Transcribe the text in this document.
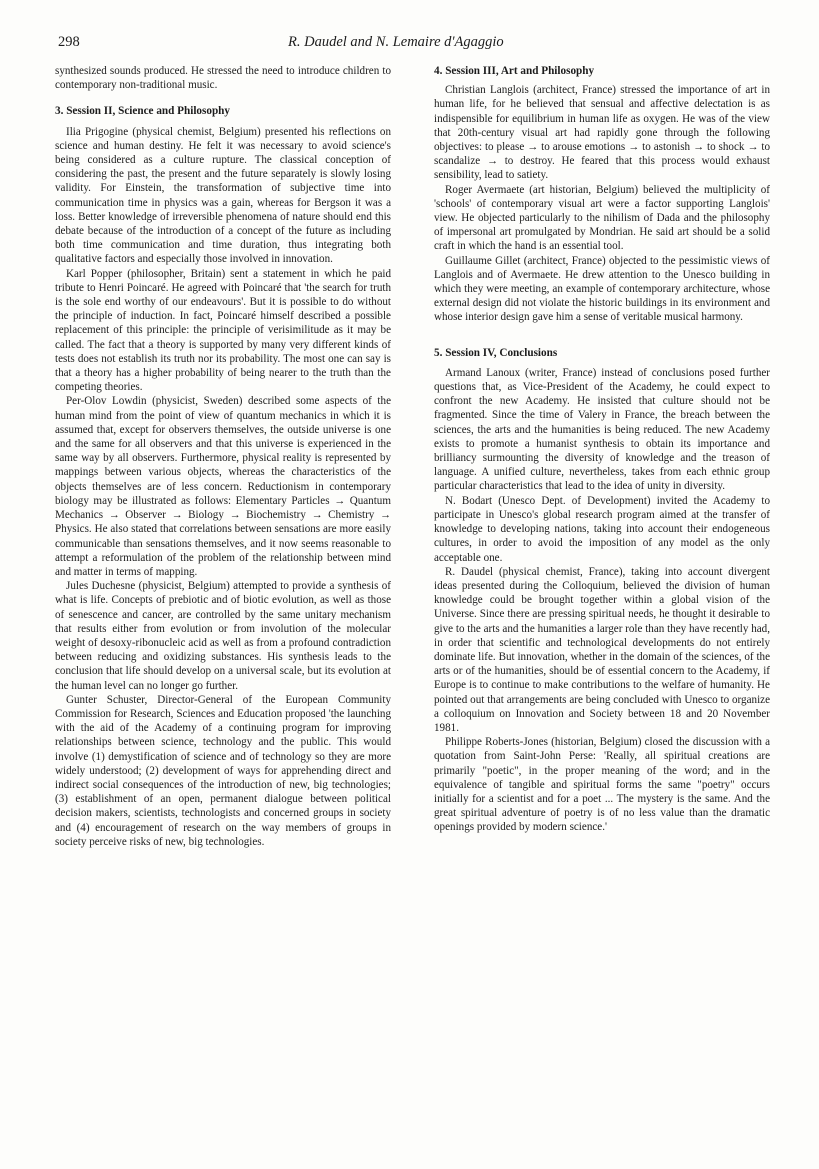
298	R. Daudel and N. Lemaire d'Agaggio

synthesized sounds produced. He stressed the need to introduce children to contemporary non-traditional music.

3. Session II, Science and Philosophy

Ilia Prigogine (physical chemist, Belgium) presented his reflections on science and human destiny. He felt it was necessary to avoid science's being considered as a culture rupture. The classical conception of considering the past, the present and the future separately is slowly losing validity. For Einstein, the transformation of subjective time into communication time in physics was a gain, whereas for Bergson it was a loss. Better knowledge of irreversible phenomena of nature should end this debate because of the introduction of a concept of the future as including both time communication and time duration, thus integrating both qualitative factors and especially those involved in innovation.

Karl Popper (philosopher, Britain) sent a statement in which he paid tribute to Henri Poincaré. He agreed with Poincaré that 'the search for truth is the sole end worthy of our endeavours'. But it is possible to do without the principle of induction. In fact, Poincaré himself described a possible replacement of this principle: the principle of verisimilitude as it may be called. The fact that a theory is supported by many very different kinds of tests does not establish its truth nor its probability. The most one can say is that a theory has a higher probability of being nearer to the truth than the competing theories.

Per-Olov Lowdin (physicist, Sweden) described some aspects of the human mind from the point of view of quantum mechanics in which it is assumed that, except for observers themselves, the outside universe is one and the same for all observers and that this universe is experienced in the same way by all observers. Furthermore, physical reality is represented by mappings between various objects, whereas the characteristics of the objects themselves are of less concern. Reductionism in contemporary biology may be illustrated as follows: Elementary Particles → Quantum Mechanics → Observer → Biology → Biochemistry → Chemistry → Physics. He also stated that correlations between sensations are more easily communicable than sensations themselves, and it now seems reasonable to attempt a reformulation of the problem of the relationship between mind and matter in terms of mapping.

Jules Duchesne (physicist, Belgium) attempted to provide a synthesis of what is life. Concepts of prebiotic and of biotic evolution, as well as those of senescence and cancer, are controlled by the same unitary mechanism that results either from evolution or from involution of the molecular weight of desoxy-ribonucleic acid as well as from a profound contradiction between reducing and oxidizing substances. His synthesis leads to the conclusion that life should develop on a universal scale, but its evolution at the human level can no longer go further.

Gunter Schuster, Director-General of the European Community Commission for Research, Sciences and Education proposed 'the launching with the aid of the Academy of a continuing program for improving relationships between science, technology and the public. This would involve (1) demystification of science and of technology so they are more widely understood; (2) development of ways for apprehending direct and indirect social consequences of the introduction of new, big technologies; (3) establishment of an open, permanent dialogue between political decision makers, scientists, technologists and concerned groups in society and (4) encouragement of research on the way members of groups in society perceive risks of new, big technologies.

4. Session III, Art and Philosophy

Christian Langlois (architect, France) stressed the importance of art in human life, for he believed that sensual and affective delectation is as indispensible for equilibrium in human life as oxygen. He was of the view that 20th-century visual art had rapidly gone through the following objectives: to please → to arouse emotions → to astonish → to shock → to scandalize → to destroy. He feared that this process would exhaust sensibility, lead to satiety.

Roger Avermaete (art historian, Belgium) believed the multiplicity of 'schools' of contemporary visual art were a factor supporting Langlois' view. He objected particularly to the nihilism of Dada and the philosophy of impersonal art promulgated by Mondrian. He said art should be a solid craft in which the hand is an essential tool.

Guillaume Gillet (architect, France) objected to the pessimistic views of Langlois and of Avermaete. He drew attention to the Unesco building in which they were meeting, an example of contemporary architecture, whose external design did not violate the historic buildings in its environment and whose interior design gave him a sense of veritable musical harmony.

5. Session IV, Conclusions

Armand Lanoux (writer, France) instead of conclusions posed further questions that, as Vice-President of the Academy, he could expect to confront the new Academy. He insisted that culture should not be fragmented. Since the time of Valery in France, the breach between the sciences, the arts and the humanities is being reduced. The new Academy exists to promote a humanist synthesis to obtain its importance and brilliancy surmounting the diversity of knowledge and the treason of language. A unified culture, nevertheless, takes from each ethnic group particular characteristics that lead to the idea of unity in diversity.

N. Bodart (Unesco Dept. of Development) invited the Academy to participate in Unesco's global research program aimed at the transfer of knowledge to developing nations, taking into account their endogeneous cultures, in order to avoid the imposition of any model as the only acceptable one.

R. Daudel (physical chemist, France), taking into account divergent ideas presented during the Colloquium, believed the division of human knowledge could be brought together within a global vision of the Universe. Since there are pressing spiritual needs, he thought it desirable to give to the arts and the humanities a larger role than they have recently had, in order that scientific and technological developments do not entirely dominate life. But innovation, whether in the domain of the sciences, of the arts or of the humanities, should be of essential concern to the Academy, if Europe is to continue to make contributions to the welfare of humanity. He pointed out that arrangements are being concluded with Unesco to organize a colloquium on Innovation and Society between 18 and 20 November 1981.

Philippe Roberts-Jones (historian, Belgium) closed the discussion with a quotation from Saint-John Perse: 'Really, all spiritual creations are primarily "poetic", in the proper meaning of the word; and in the equivalence of tangible and spiritual forms the same "poetry" occurs initially for a scientist and for a poet ... The mystery is the same. And the great spiritual adventure of poetry is of no less value than the dramatic openings provided by modern science.'
